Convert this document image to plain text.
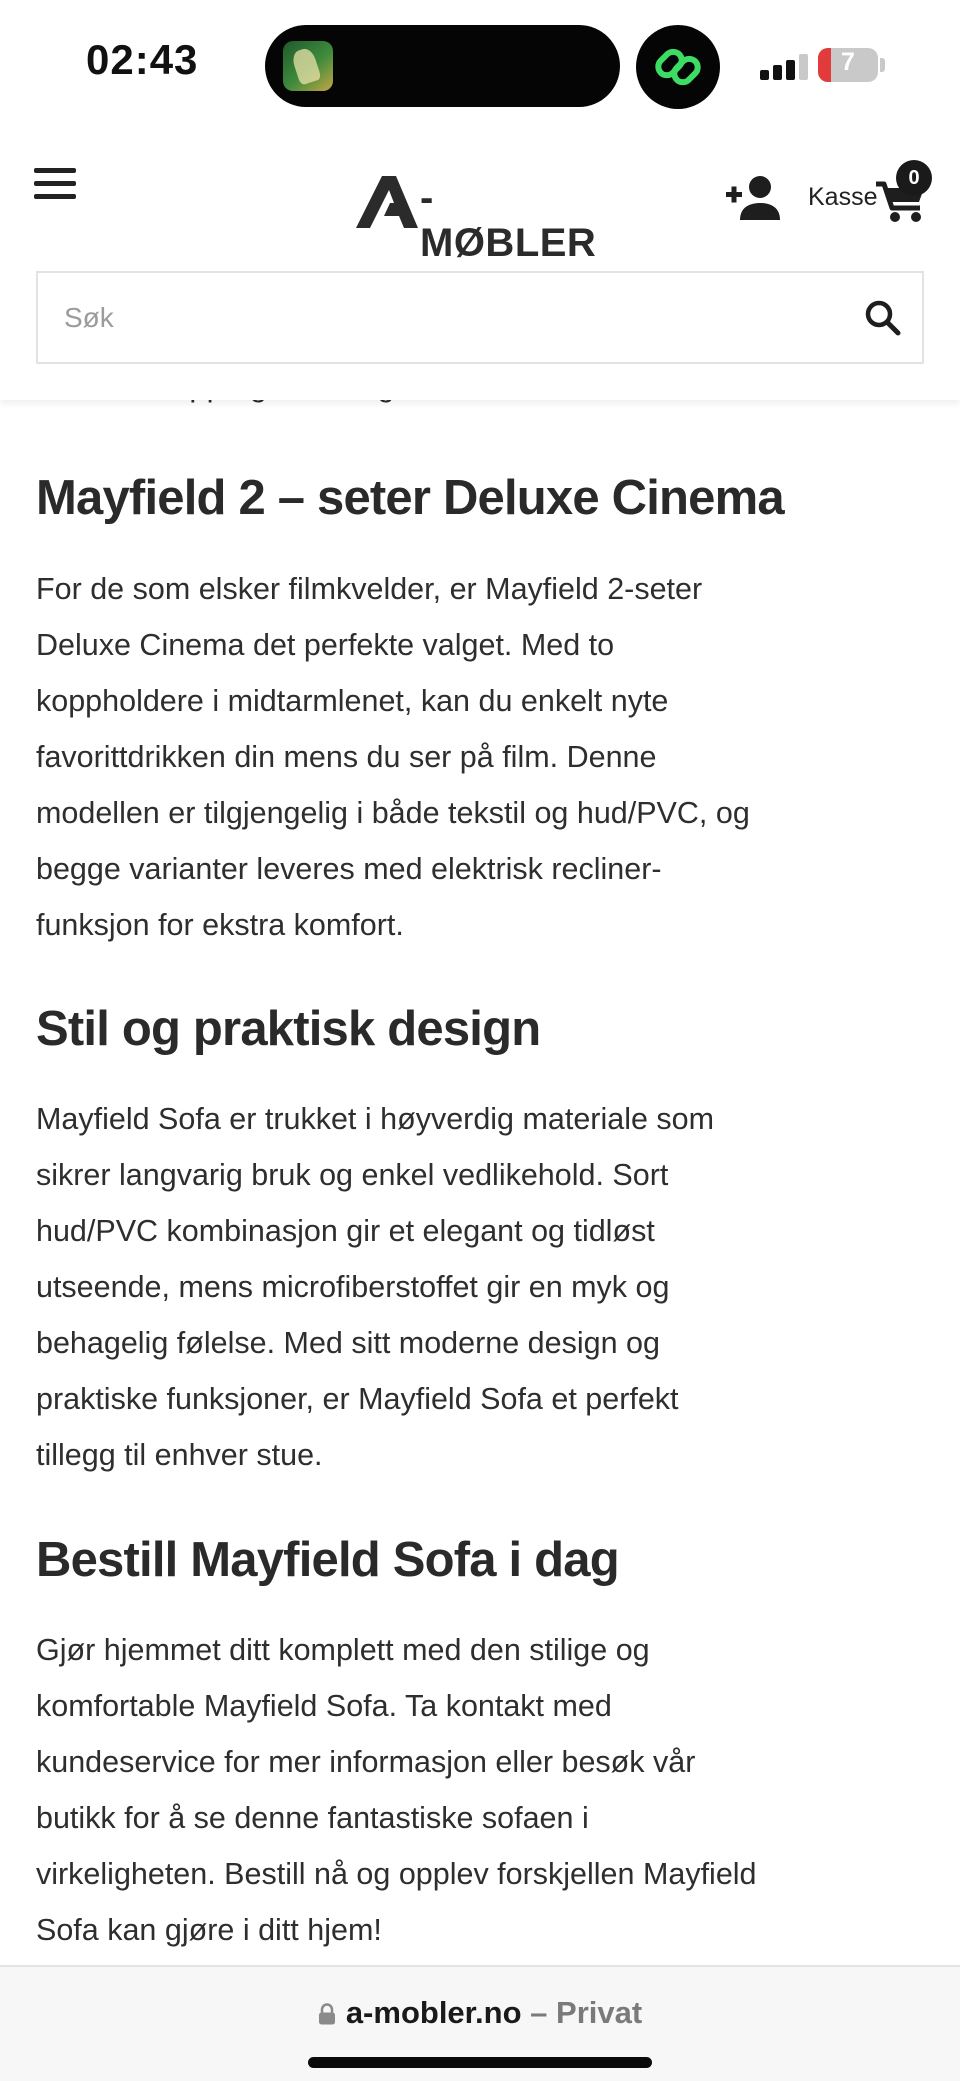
02:43	7
Mayfield 2 – seter Deluxe Cinema
For de som elsker filmkvelder, er Mayfield 2-seter
Deluxe Cinema det perfekte valget. Med to
koppholdere i midtarmlenet, kan du enkelt nyte
favorittdrikken din mens du ser på film. Denne
modellen er tilgjengelig i både tekstil og hud/PVC, og
begge varianter leveres med elektrisk recliner-
funksjon for ekstra komfort.
Stil og praktisk design
Mayfield Sofa er trukket i høyverdig materiale som
sikrer langvarig bruk og enkel vedlikehold. Sort
hud/PVC kombinasjon gir et elegant og tidløst
utseende, mens microfiberstoffet gir en myk og
behagelig følelse. Med sitt moderne design og
praktiske funksjoner, er Mayfield Sofa et perfekt
tillegg til enhver stue.
Bestill Mayfield Sofa i dag
Gjør hjemmet ditt komplett med den stilige og
komfortable Mayfield Sofa. Ta kontakt med
kundeservice for mer informasjon eller besøk vår
butikk for å se denne fantastiske sofaen i
virkeligheten. Bestill nå og opplev forskjellen Mayfield
Sofa kan gjøre i ditt hjem!
-MØBLER
Kasse
0
Søk
a-mobler.no – Privat
